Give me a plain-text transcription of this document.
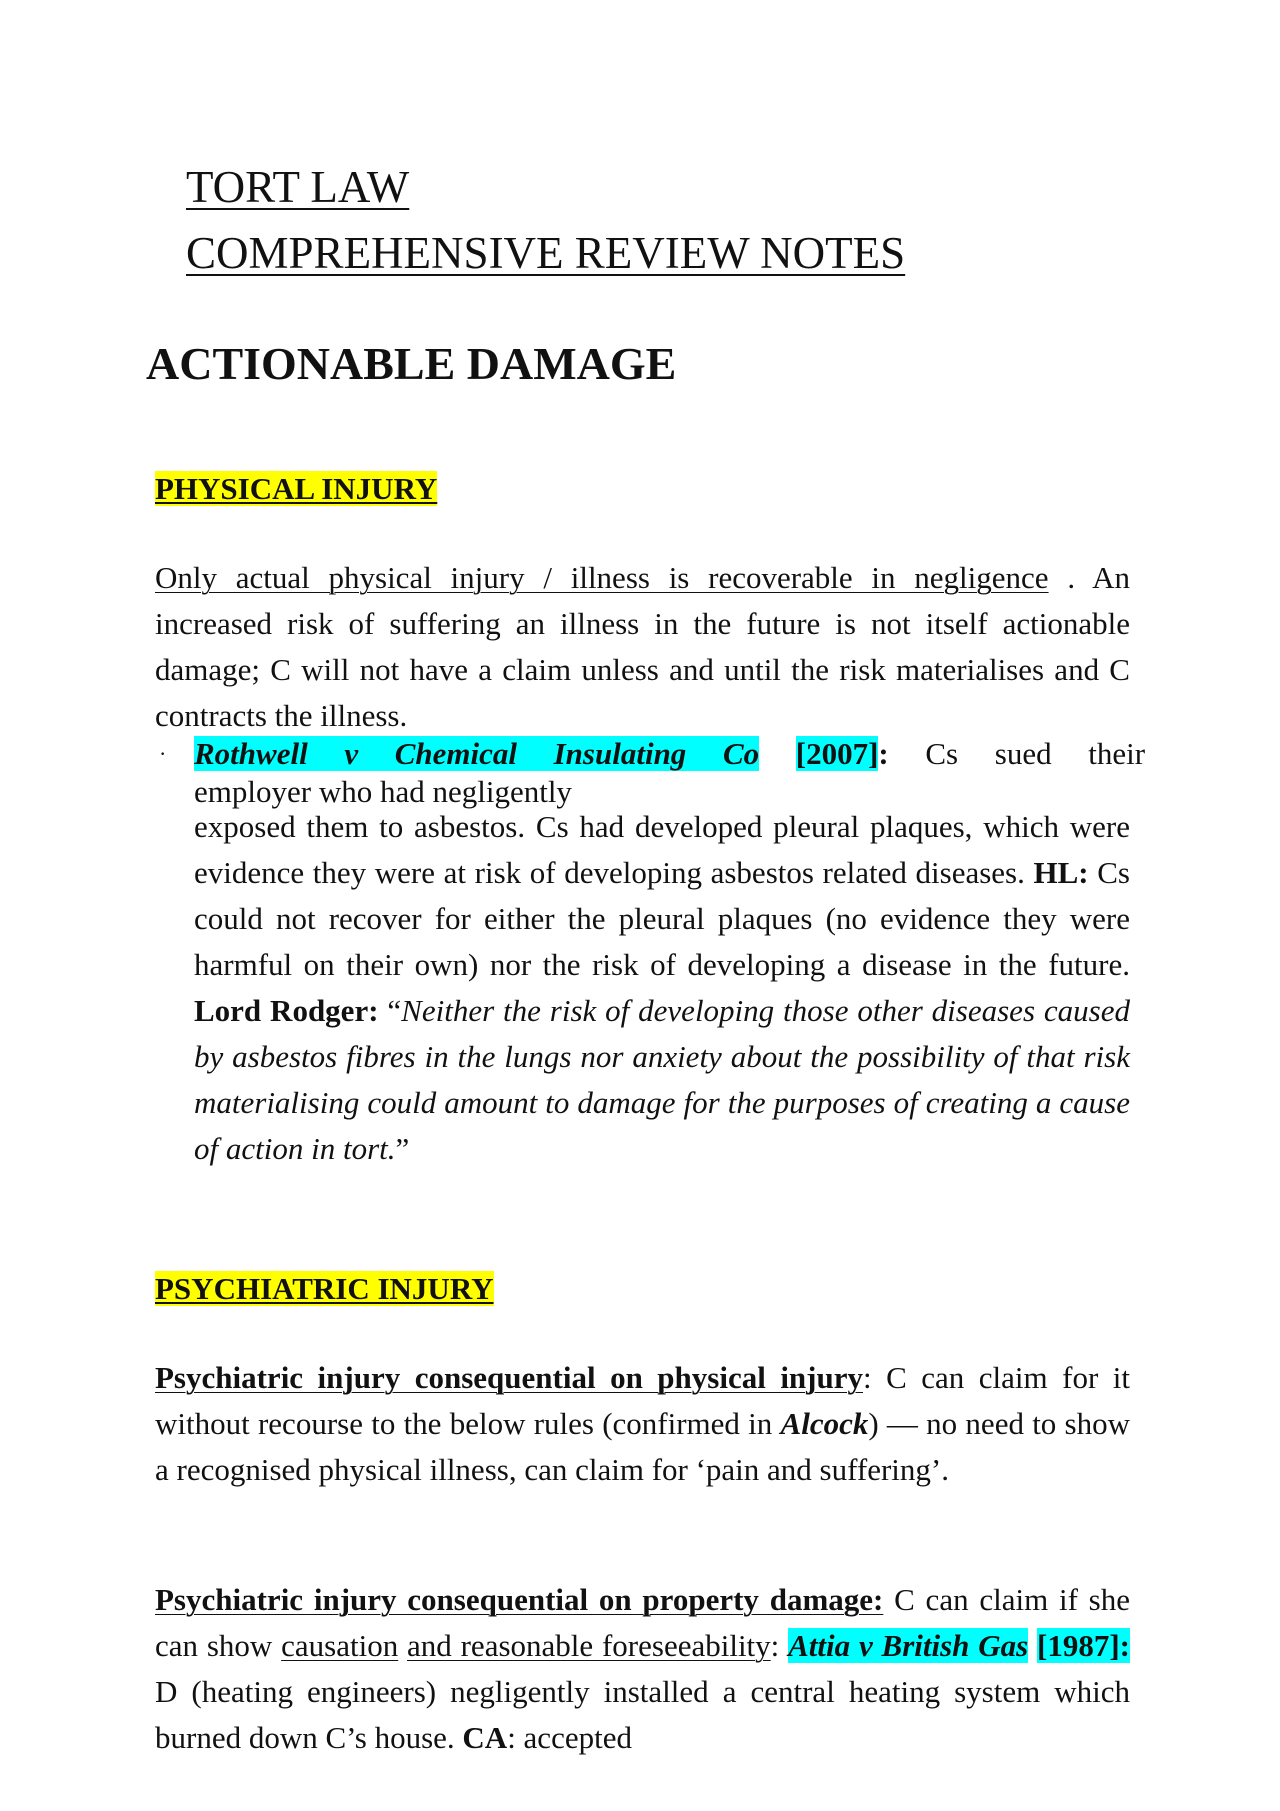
TORT LAW
COMPREHENSIVE REVIEW NOTES
ACTIONABLE DAMAGE
PHYSICAL INJURY

Only actual physical injury / illness is recoverable in negligence . An increased risk of suffering an illness in the future is not itself actionable damage; C will not have a claim unless and until the risk materialises and C contracts the illness.

· Rothwell v Chemical Insulating Co [2007]: Cs sued their
employer who had negligently

exposed them to asbestos. Cs had developed pleural plaques, which were evidence they were at risk of developing asbestos related diseases. HL: Cs could not recover for either the pleural plaques (no evidence they were harmful on their own) nor the risk of developing a disease in the future. Lord Rodger: “Neither the risk of developing those other diseases caused by asbestos fibres in the lungs nor anxiety about the possibility of that risk materialising could amount to damage for the purposes of creating a cause of action in tort.”

PSYCHIATRIC INJURY

Psychiatric injury consequential on physical injury: C can claim for it without recourse to the below rules (confirmed in Alcock) — no need to show a recognised physical illness, can claim for ‘pain and suffering’.

Psychiatric injury consequential on property damage: C can claim if she can show causation and reasonable foreseeability: Attia v British Gas [1987]: D (heating engineers) negligently installed a central heating system which burned down C’s house. CA: accepted
